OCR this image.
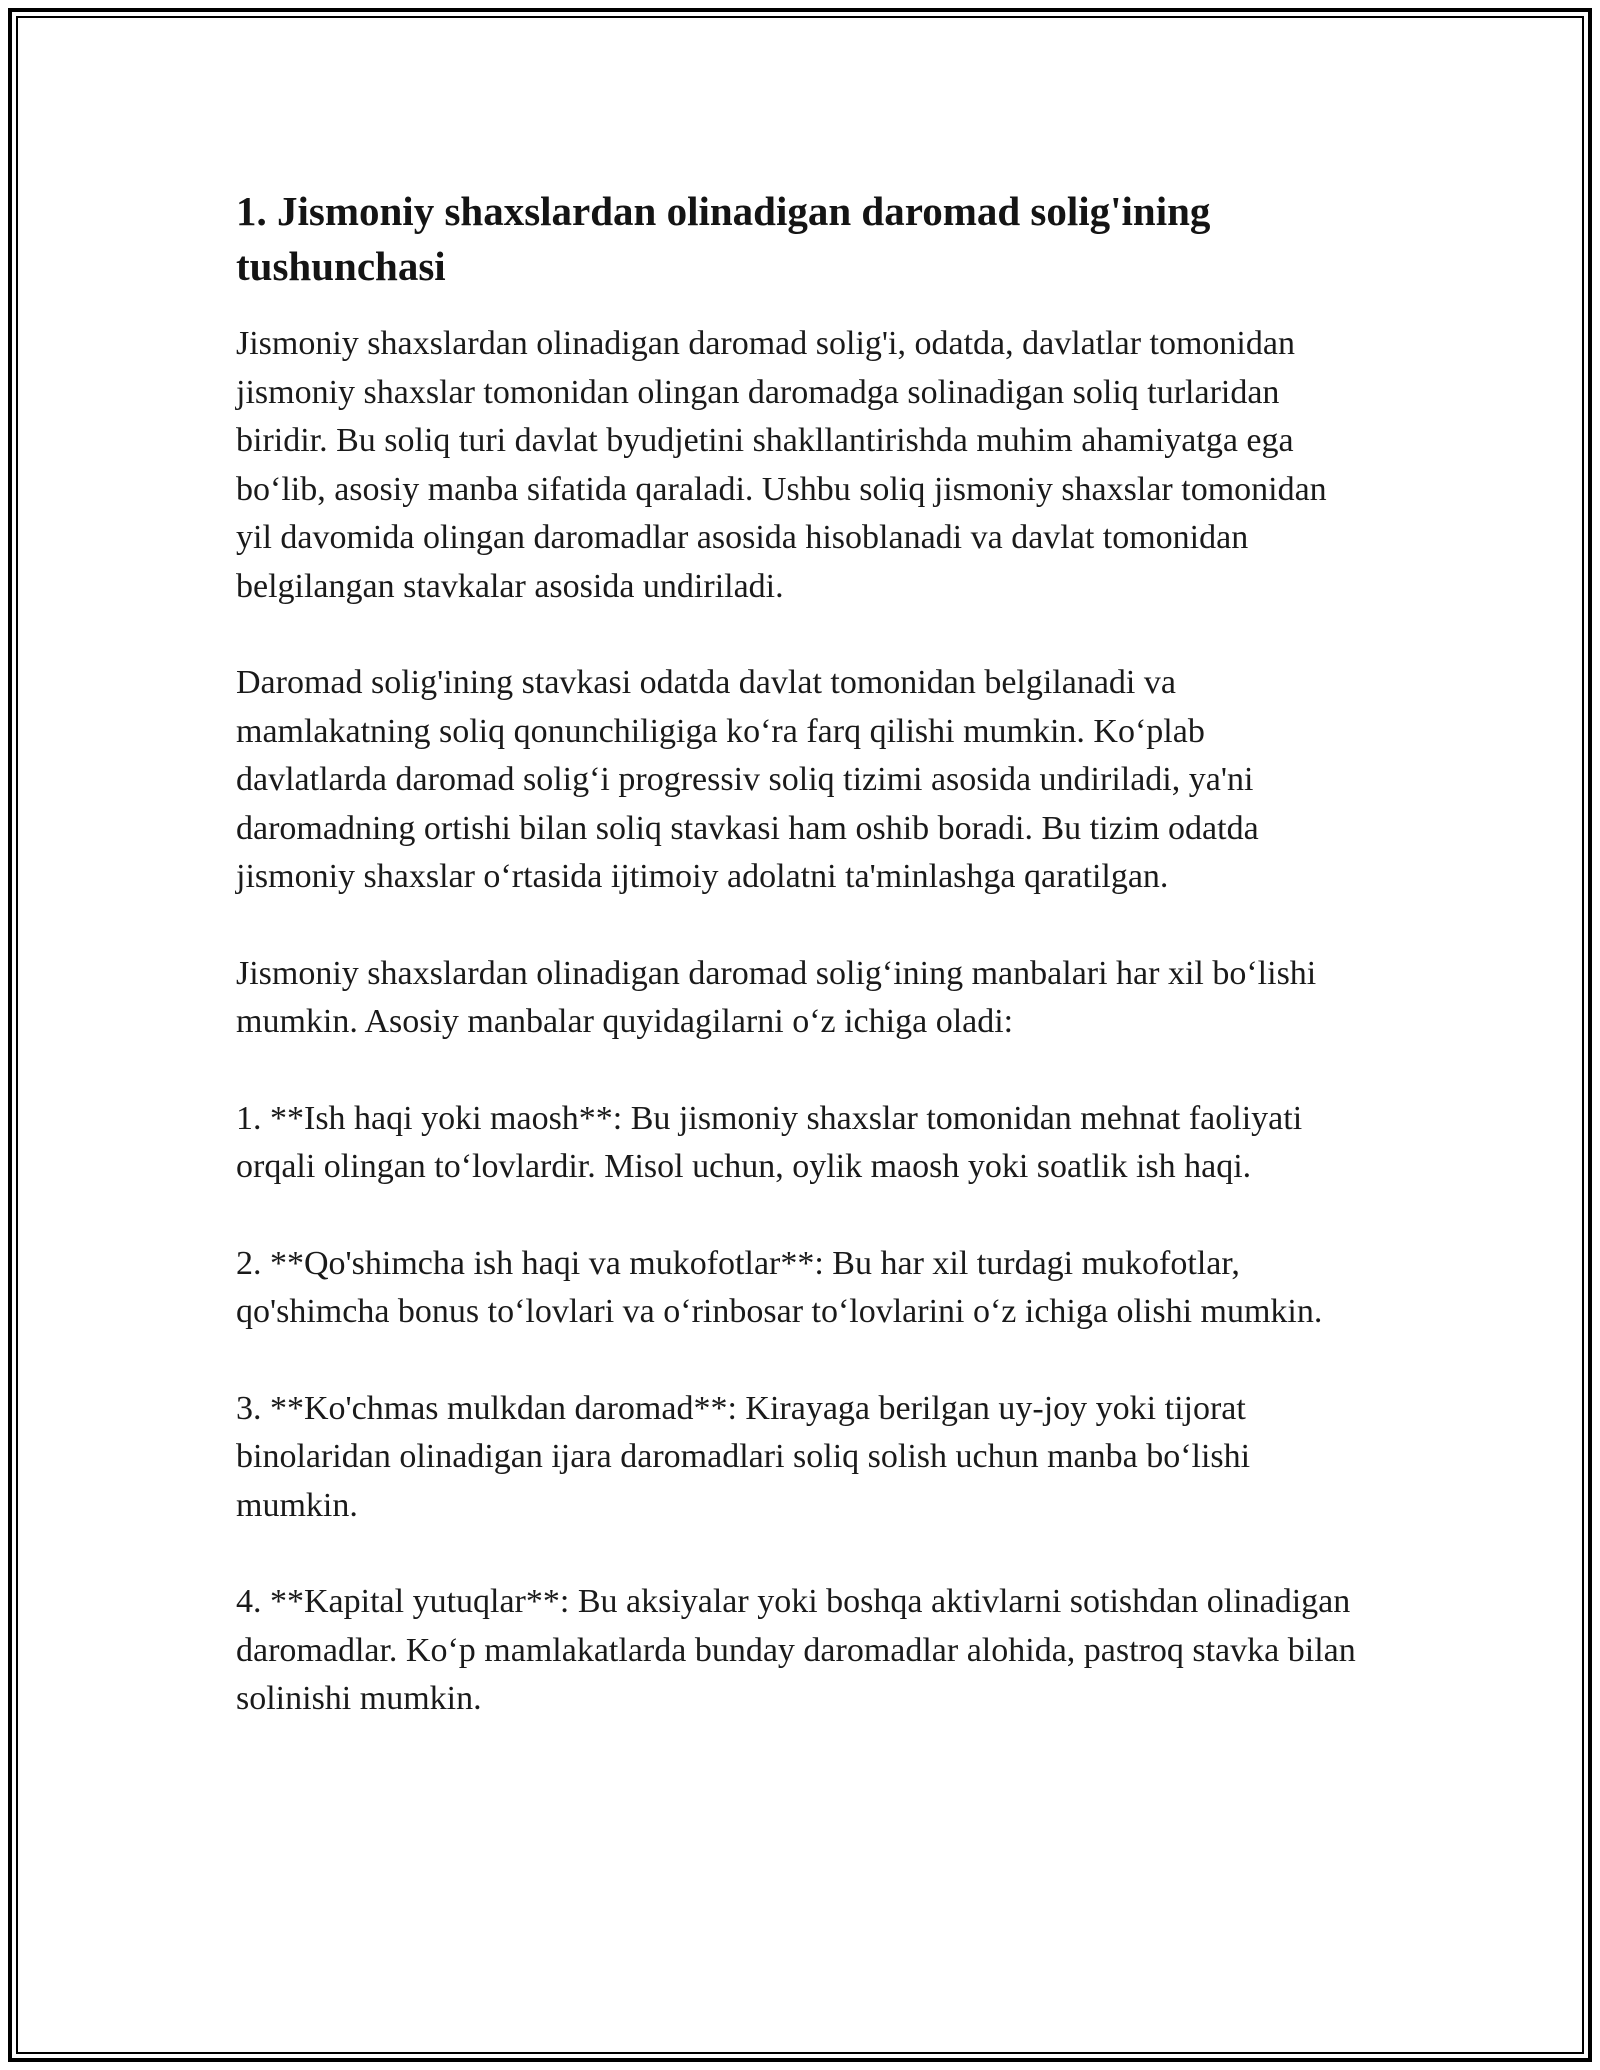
1. Jismoniy shaxslardan olinadigan daromad solig'ining tushunchasi

Jismoniy shaxslardan olinadigan daromad solig'i, odatda, davlatlar tomonidan jismoniy shaxslar tomonidan olingan daromadga solinadigan soliq turlaridan biridir. Bu soliq turi davlat byudjetini shakllantirishda muhim ahamiyatga ega boʻlib, asosiy manba sifatida qaraladi. Ushbu soliq jismoniy shaxslar tomonidan yil davomida olingan daromadlar asosida hisoblanadi va davlat tomonidan belgilangan stavkalar asosida undiriladi.

Daromad solig'ining stavkasi odatda davlat tomonidan belgilanadi va mamlakatning soliq qonunchiligiga koʻra farq qilishi mumkin. Koʻplab davlatlarda daromad soligʻi progressiv soliq tizimi asosida undiriladi, ya'ni daromadning ortishi bilan soliq stavkasi ham oshib boradi. Bu tizim odatda jismoniy shaxslar oʻrtasida ijtimoiy adolatni ta'minlashga qaratilgan.

Jismoniy shaxslardan olinadigan daromad soligʻining manbalari har xil boʻlishi mumkin. Asosiy manbalar quyidagilarni oʻz ichiga oladi:

1. **Ish haqi yoki maosh**: Bu jismoniy shaxslar tomonidan mehnat faoliyati orqali olingan toʻlovlardir. Misol uchun, oylik maosh yoki soatlik ish haqi.

2. **Qo'shimcha ish haqi va mukofotlar**: Bu har xil turdagi mukofotlar, qo'shimcha bonus toʻlovlari va oʻrinbosar toʻlovlarini oʻz ichiga olishi mumkin.

3. **Ko'chmas mulkdan daromad**: Kirayaga berilgan uy-joy yoki tijorat binolaridan olinadigan ijara daromadlari soliq solish uchun manba boʻlishi mumkin.

4. **Kapital yutuqlar**: Bu aksiyalar yoki boshqa aktivlarni sotishdan olinadigan daromadlar. Koʻp mamlakatlarda bunday daromadlar alohida, pastroq stavka bilan solinishi mumkin.
